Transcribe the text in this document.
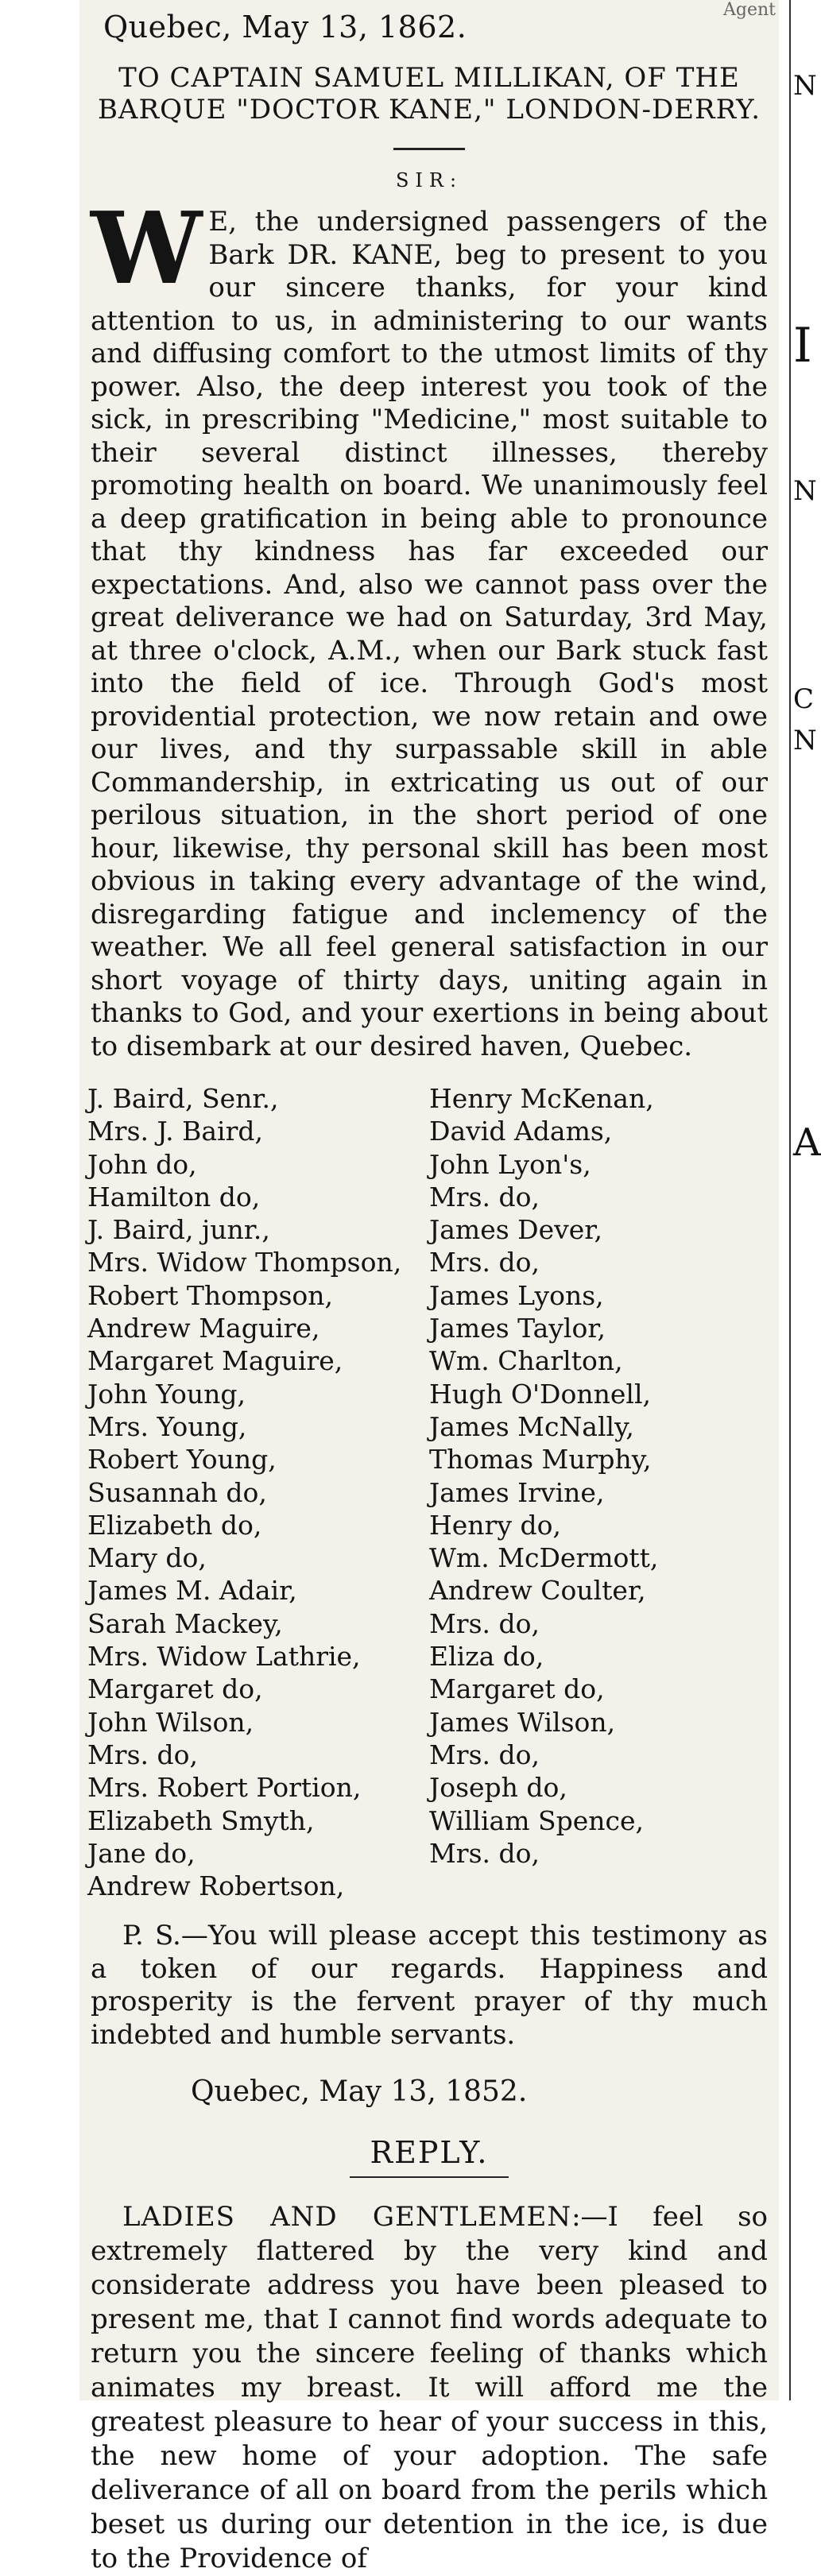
N
I
N
C
N
A
Agent
Quebec, May 13, 1862.
TO CAPTAIN SAMUEL MILLIKAN, OF THE BARQUE "DOCTOR KANE," LONDON-DERRY.
SIR:
W E, the undersigned passengers of the Bark DR. KANE, beg to present to you our sincere thanks, for your kind attention to us, in administering to our wants and diffusing comfort to the utmost limits of thy power. Also, the deep interest you took of the sick, in prescribing "Medicine," most suitable to their several distinct illnesses, thereby promoting health on board. We unanimously feel a deep gratification in being able to pronounce that thy kindness has far exceeded our expectations. And, also we cannot pass over the great deliverance we had on Saturday, 3rd May, at three o'clock, A.M., when our Bark stuck fast into the field of ice. Through God's most providential protection, we now retain and owe our lives, and thy surpassable skill in able Commandership, in extricating us out of our perilous situation, in the short period of one hour, likewise, thy personal skill has been most obvious in taking every advantage of the wind, disregarding fatigue and inclemency of the weather. We all feel general satisfaction in our short voyage of thirty days, uniting again in thanks to God, and your exertions in being about to disembark at our desired haven, Quebec.
J. Baird, Senr.,
Mrs. J. Baird,
John do,
Hamilton do,
J. Baird, junr.,
Mrs. Widow Thompson,
Robert Thompson,
Andrew Maguire,
Margaret Maguire,
John Young,
Mrs. Young,
Robert Young,
Susannah do,
Elizabeth do,
Mary do,
James M. Adair,
Sarah Mackey,
Mrs. Widow Lathrie,
Margaret do,
John Wilson,
Mrs. do,
Mrs. Robert Portion,
Elizabeth Smyth,
Jane do,
Henry McKenan,
David Adams,
John Lyon's,
Mrs. do,
James Dever,
Mrs. do,
James Lyons,
James Taylor,
Wm. Charlton,
Hugh O'Donnell,
James McNally,
Thomas Murphy,
James Irvine,
Henry do,
Wm. McDermott,
Andrew Coulter,
Mrs. do,
Eliza do,
Margaret do,
James Wilson,
Mrs. do,
Joseph do,
William Spence,
Mrs. do,
Andrew Robertson,
P. S.—You will please accept this testimony as a token of our regards. Happiness and prosperity is the fervent prayer of thy much indebted and humble servants.
Quebec, May 13, 1852.
REPLY.
LADIES AND GENTLEMEN:—I feel so extremely flattered by the very kind and considerate address you have been pleased to present me, that I cannot find words adequate to return you the sincere feeling of thanks which animates my breast. It will afford me the greatest pleasure to hear of your success in this, the new home of your adoption. The safe deliverance of all on board from the perils which beset us during our detention in the ice, is due to the Providence of
